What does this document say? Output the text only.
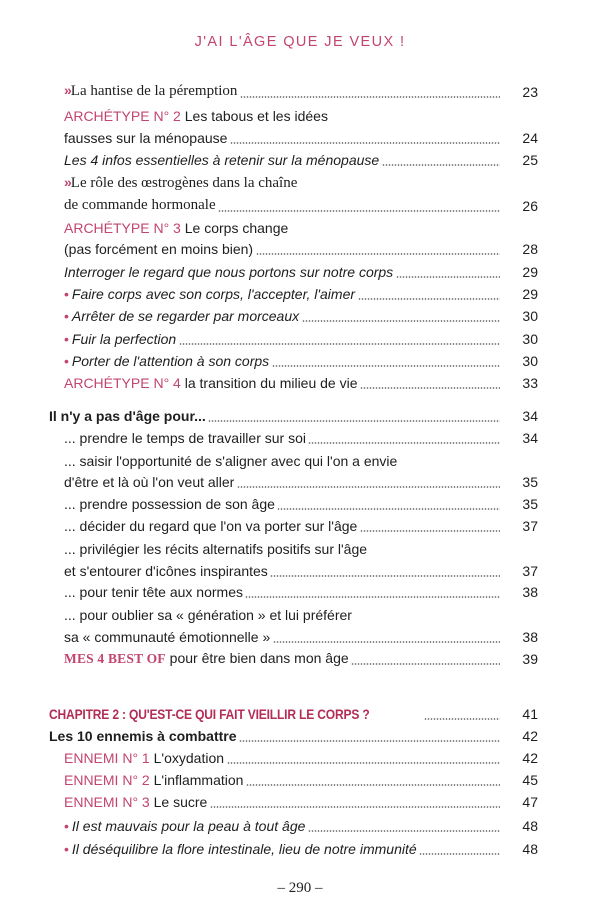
J'AI L'ÂGE QUE JE VEUX !
» La hantise de la péremption	23
ARCHÉTYPE N° 2 Les tabous et les idées
fausses sur la ménopause	24
Les 4 infos essentielles à retenir sur la ménopause	25
» Le rôle des œstrogènes dans la chaîne
de commande hormonale	26
ARCHÉTYPE N° 3 Le corps change
(pas forcément en moins bien)	28
Interroger le regard que nous portons sur notre corps	29
• Faire corps avec son corps, l'accepter, l'aimer	29
• Arrêter de se regarder par morceaux	30
• Fuir la perfection	30
• Porter de l'attention à son corps	30
ARCHÉTYPE N° 4 la transition du milieu de vie	33
Il n'y a pas d'âge pour...	34
... prendre le temps de travailler sur soi	34
... saisir l'opportunité de s'aligner avec qui l'on a envie
d'être et là où l'on veut aller	35
... prendre possession de son âge	35
... décider du regard que l'on va porter sur l'âge	37
... privilégier les récits alternatifs positifs sur l'âge
et s'entourer d'icônes inspirantes	37
... pour tenir tête aux normes	38
... pour oublier sa « génération » et lui préférer
sa « communauté émotionnelle »	38
MES 4 BEST OF pour être bien dans mon âge	39
CHAPITRE 2 : QU'EST-CE QUI FAIT VIEILLIR LE CORPS ?	41
Les 10 ennemis à combattre	42
ENNEMI N° 1 L'oxydation	42
ENNEMI N° 2 L'inflammation	45
ENNEMI N° 3 Le sucre	47
• Il est mauvais pour la peau à tout âge	48
• Il déséquilibre la flore intestinale, lieu de notre immunité	48
– 290 –
